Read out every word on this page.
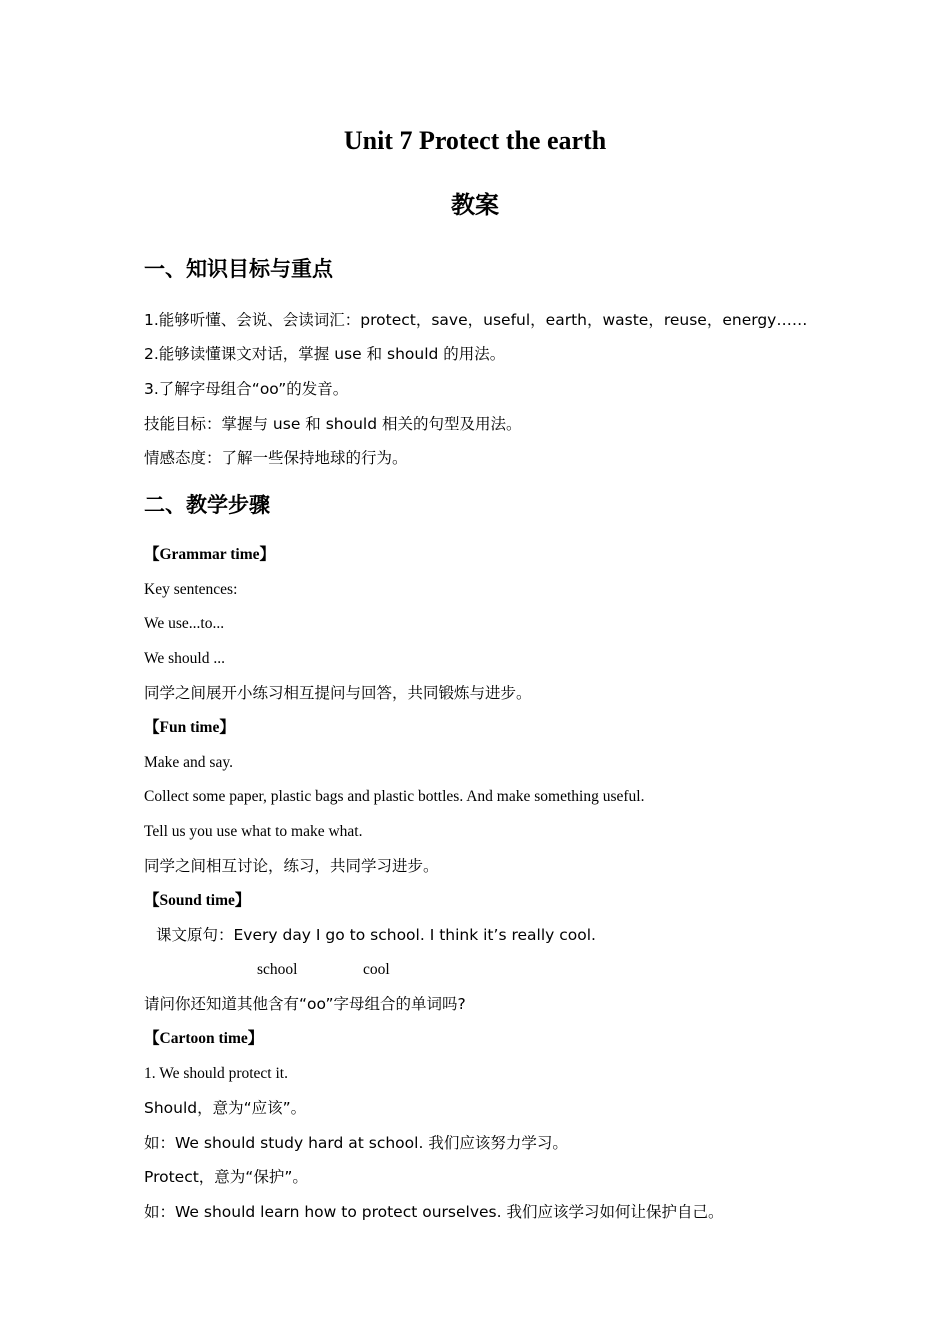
Unit 7 Protect the earth
教案
一、知识目标与重点
1.能够听懂、会说、会读词汇：protect，save，useful，earth，waste，reuse，energy……
2.能够读懂课文对话，掌握 use 和 should 的用法。
3.了解字母组合“oo”的发音。
技能目标：掌握与 use 和 should 相关的句型及用法。
情感态度：了解一些保持地球的行为。
二、教学步骤
【Grammar time】
Key sentences:
We use...to...
We should ...
同学之间展开小练习相互提问与回答，共同锻炼与进步。
【Fun time】
Make and say.
Collect some paper, plastic bags and plastic bottles. And make something useful.
Tell us you use what to make what.
同学之间相互讨论，练习，共同学习进步。
【Sound time】
课文原句：Every day I go to school. I think it’s really cool.
school	cool
请问你还知道其他含有“oo”字母组合的单词吗?
【Cartoon time】
1. We should protect it.
Should，意为“应该”。
如：We should study hard at school. 我们应该努力学习。
Protect，意为“保护”。
如：We should learn how to protect ourselves. 我们应该学习如何让保护自己。
